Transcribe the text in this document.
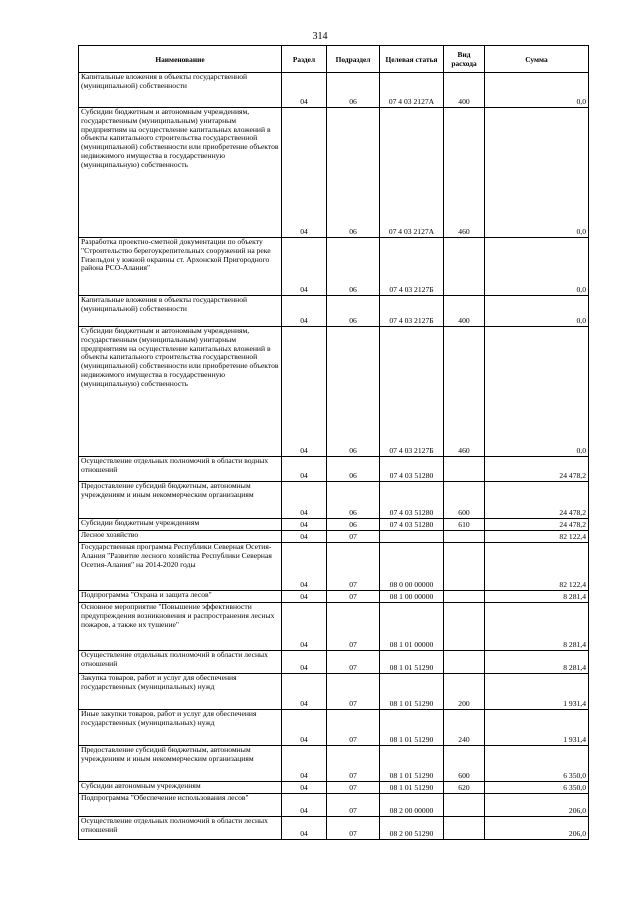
314
Наименование	Раздел	Подраздел	Целевая статья	Вид расхода	Сумма
Капитальные вложения в объекты государственной (муниципальной) собственности	04	06	07 4 03 2127А	400	0,0
Субсидии бюджетным и автономным учреждениям, государственным (муниципальным) унитарным предприятиям на осуществление капитальных вложений в объекты капитального строительства государственной (муниципальной) собственности или приобретение объектов недвижимого имущества в государственную (муниципальную) собственность	04	06	07 4 03 2127А	460	0,0
Разработка проектно-сметной документации по объекту "Строительство берегоукрепительных сооружений на реке Гизельдон у южной окраины ст. Архонской Пригородного района РСО-Алания"	04	06	07 4 03 2127Б		0,0
Капитальные вложения в объекты государственной (муниципальной) собственности	04	06	07 4 03 2127Б	400	0,0
Субсидии бюджетным и автономным учреждениям, государственным (муниципальным) унитарным предприятиям на осуществление капитальных вложений в объекты капитального строительства государственной (муниципальной) собственности или приобретение объектов недвижимого имущества в государственную (муниципальную) собственность	04	06	07 4 03 2127Б	460	0,0
Осуществление отдельных полномочий в области водных отношений	04	06	07 4 03 51280		24 478,2
Предоставление субсидий бюджетным, автономным учреждениям и иным некоммерческим организациям	04	06	07 4 03 51280	600	24 478,2
Субсидии бюджетным учреждениям	04	06	07 4 03 51280	610	24 478,2
Лесное хозяйство	04	07			82 122,4
Государственная программа Республики Северная Осетия-Алания "Развитие лесного хозяйства Республики Северная Осетия-Алания" на 2014-2020 годы	04	07	08 0 00 00000		82 122,4
Подпрограмма "Охрана и защита лесов"	04	07	08 1 00 00000		8 281,4
Основное мероприятие "Повышение эффективности предупреждения возникновения и распространения лесных пожаров, а также их тушение"	04	07	08 1 01 00000		8 281,4
Осуществление отдельных полномочий в области лесных отношений	04	07	08 1 01 51290		8 281,4
Закупка товаров, работ и услуг для обеспечения государственных (муниципальных) нужд	04	07	08 1 01 51290	200	1 931,4
Иные закупки товаров, работ и услуг для обеспечения государственных (муниципальных) нужд	04	07	08 1 01 51290	240	1 931,4
Предоставление субсидий бюджетным, автономным учреждениям и иным некоммерческим организациям	04	07	08 1 01 51290	600	6 350,0
Субсидии автономным учреждениям	04	07	08 1 01 51290	620	6 350,0
Подпрограмма "Обеспечение использования лесов"	04	07	08 2 00 00000		206,0
Осуществление отдельных полномочий в области лесных отношений	04	07	08 2 00 51290		206,0
